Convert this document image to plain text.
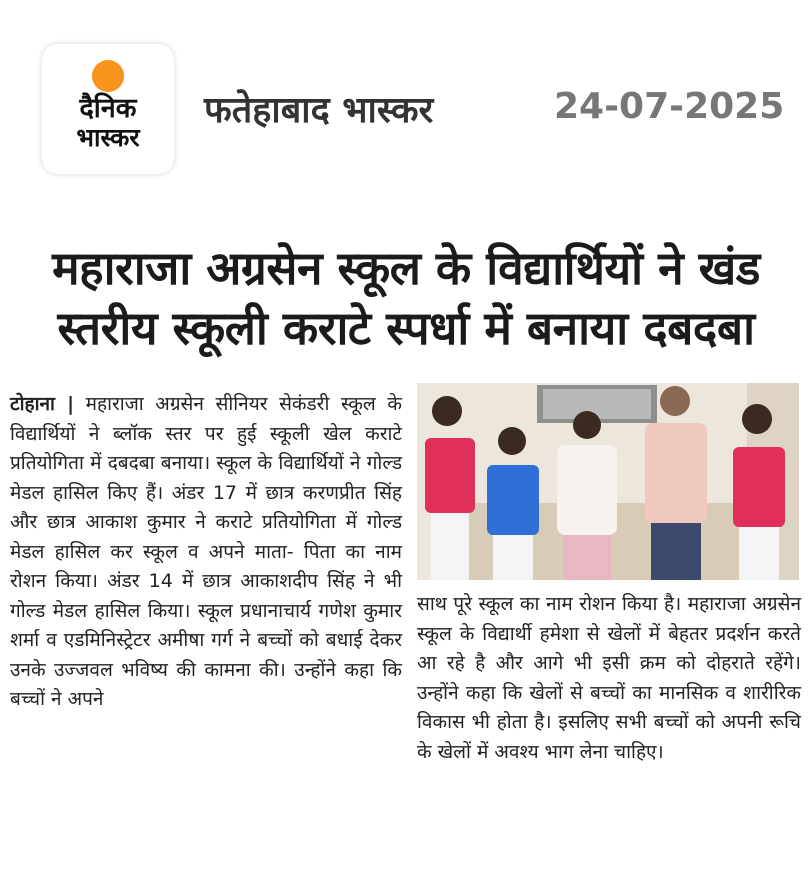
दैनिक
भास्कर
फतेहाबाद भास्कर	24-07-2025
महाराजा अग्रसेन स्कूल के विद्यार्थियों ने खंड
स्तरीय स्कूली कराटे स्पर्धा में बनाया दबदबा

टोहाना | महाराजा अग्रसेन सीनियर सेकंडरी स्कूल के विद्यार्थियों ने ब्लॉक स्तर पर हुई स्कूली खेल कराटे प्रतियोगिता में दबदबा बनाया। स्कूल के विद्यार्थियों ने गोल्ड मेडल हासिल किए हैं। अंडर 17 में छात्र करणप्रीत सिंह और छात्र आकाश कुमार ने कराटे प्रतियोगिता में गोल्ड मेडल हासिल कर स्कूल व अपने माता- पिता का नाम रोशन किया। अंडर 14 में छात्र आकाशदीप सिंह ने भी गोल्ड मेडल हासिल किया। स्कूल प्रधानाचार्य गणेश कुमार शर्मा व एडमिनिस्ट्रेटर अमीषा गर्ग ने बच्चों को बधाई देकर उनके उज्जवल भविष्य की कामना की। उन्होंने कहा कि बच्चों ने अपने

साथ पूरे स्कूल का नाम रोशन किया है। महाराजा अग्रसेन स्कूल के विद्यार्थी हमेशा से खेलों में बेहतर प्रदर्शन करते आ रहे है और आगे भी इसी क्रम को दोहराते रहेंगे। उन्होंने कहा कि खेलों से बच्चों का मानसिक व शारीरिक विकास भी होता है। इसलिए सभी बच्चों को अपनी रूचि के खेलों में अवश्य भाग लेना चाहिए।
